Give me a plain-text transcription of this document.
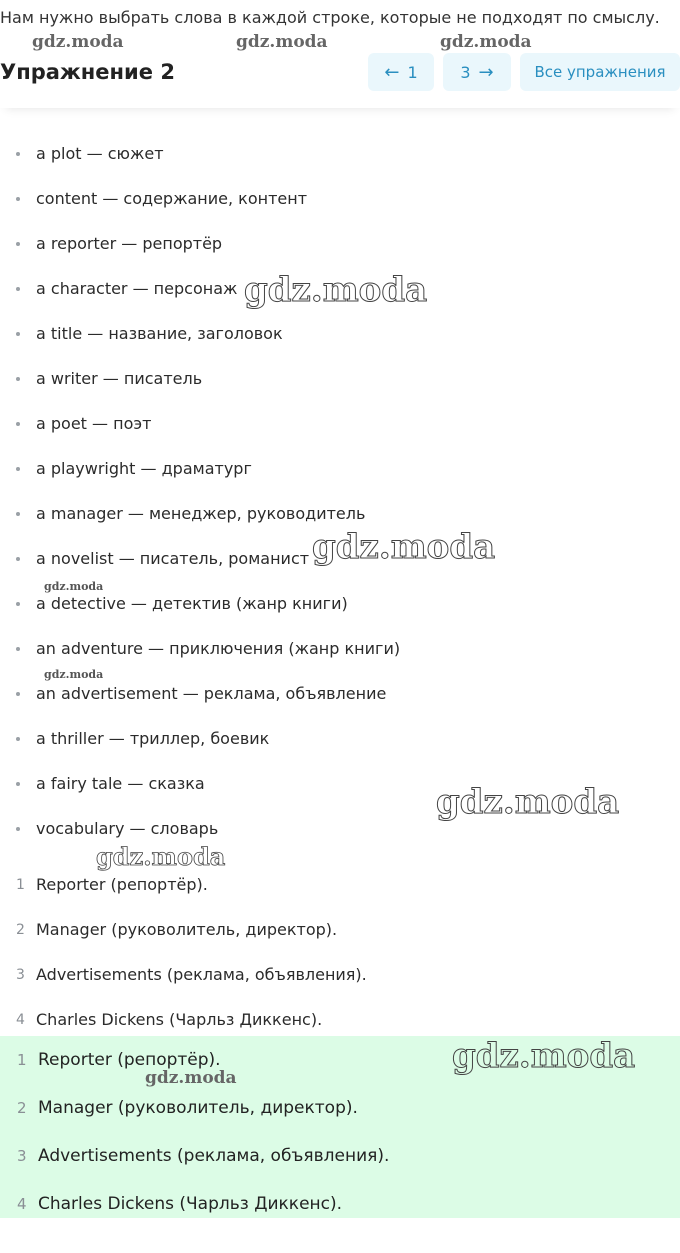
Нам нужно выбрать слова в каждой строке, которые не подходят по смыслу.
Упражнение 2	← 1	3 →	Все упражнения
a plot — сюжет
content — содержание, контент
a reporter — репортёр
a character — персонаж
a title — название, заголовок
a writer — писатель
a poet — поэт
a playwright — драматург
a manager — менеджер, руководитель
a novelist — писатель, романист
a detective — детектив (жанр книги)
an adventure — приключения (жанр книги)
an advertisement — реклама, объявление
a thriller — триллер, боевик
a fairy tale — сказка
vocabulary — словарь
1 Reporter (репортёр).
2 Manager (руковолитель, директор).
3 Advertisements (реклама, объявления).
4 Charles Dickens (Чарльз Диккенс).
1 Reporter (репортёр).
2 Manager (руковолитель, директор).
3 Advertisements (реклама, объявления).
4 Charles Dickens (Чарльз Диккенс).
gdz.moda	gdz.moda	gdz.moda
gdz.moda
gdz.moda
gdz.moda
gdz.moda
gdz.moda
gdz.moda
gdz.moda
gdz.moda
